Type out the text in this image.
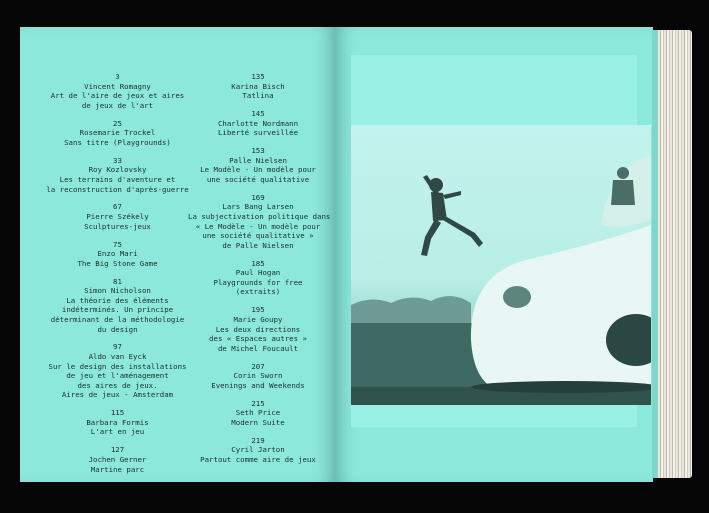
3
Vincent Romagny
Art de l'aire de jeux et aires
de jeux de l'art
25
Rosemarie Trockel
Sans titre (Playgrounds)
33
Roy Kozlovsky
Les terrains d'aventure et
la reconstruction d'après-guerre
67
Pierre Székely
Sculptures-jeux
75
Enzo Mari
The Big Stone Game
81
Simon Nicholson
La théorie des éléments
indéterminés. Un principe
déterminant de la méthodologie
du design
97
Aldo van Eyck
Sur le design des installations
de jeu et l'aménagement
des aires de jeux.
Aires de jeux - Amsterdam
115
Barbara Formis
L'art en jeu
127
Jochen Gerner
Martine parc
135
Karina Bisch
Tatlina
145
Charlotte Nordmann
Liberté surveillée
153
Palle Nielsen
Le Modèle - Un modèle pour
une société qualitative
169
Lars Bang Larsen
La subjectivation politique dans
« Le Modèle - Un modèle pour
une société qualitative »
de Palle Nielsen
185
Paul Hogan
Playgrounds for free
(extraits)
195
Marie Goupy
Les deux directions
des « Espaces autres »
de Michel Foucault
207
Corin Sworn
Evenings and Weekends
215
Seth Price
Modern Suite
219
Cyril Jarton
Partout comme aire de jeux
